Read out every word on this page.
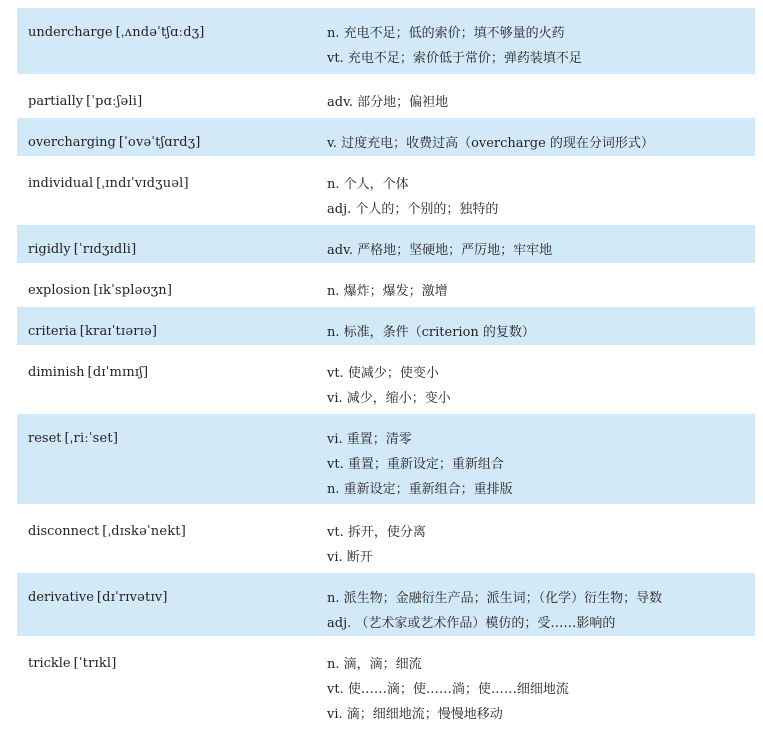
undercharge [ˌʌndəˈtʃɑːdʒ]	n. 充电不足；低的索价；填不够量的火药
vt. 充电不足；索价低于常价；弹药装填不足

partially [ˈpɑːʃəli]	adv. 部分地；偏袒地

overcharging [ˈovəˈtʃɑrdʒ]	v. 过度充电；收费过高（overcharge 的现在分词形式）

individual [ˌɪndɪˈvɪdʒuəl]	n. 个人，个体
adj. 个人的；个别的；独特的

rigidly [ˈrɪdʒɪdli]	adv. 严格地；坚硬地；严厉地；牢牢地

explosion [ɪkˈspləʊʒn]	n. 爆炸；爆发；激增

criteria [kraɪˈtɪərɪə]	n. 标准，条件（criterion 的复数）

diminish [dɪˈmɪnɪʃ]	vt. 使减少；使变小
vi. 减少，缩小；变小

reset [ˌriːˈset]	vi. 重置；清零
vt. 重置；重新设定；重新组合
n. 重新设定；重新组合；重排版

disconnect [ˌdɪskəˈnekt]	vt. 拆开，使分离
vi. 断开

derivative [dɪˈrɪvətɪv]	n. 派生物；金融衍生产品；派生词；（化学）衍生物；导数
adj. （艺术家或艺术作品）模仿的；受……影响的

trickle [ˈtrɪkl]	n. 滴，滴；细流
vt. 使……滴；使……淌；使……细细地流
vi. 滴；细细地流；慢慢地移动
